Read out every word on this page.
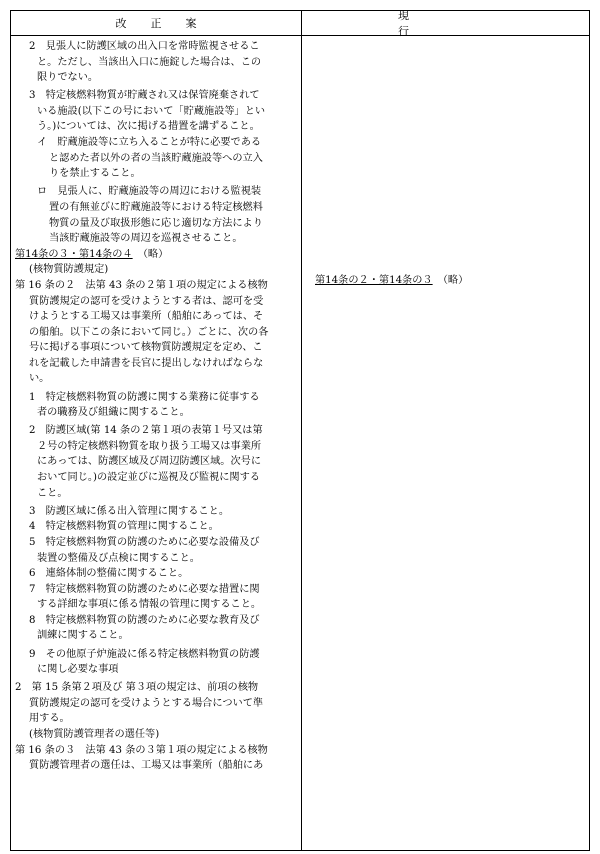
改正案
現行
2　見張人に防護区域の出入口を常時監視させるこ
と。ただし、当該出入口に施錠した場合は、この
限りでない。
3　特定核燃料物質が貯蔵され又は保管廃棄されて
いる施設(以下この号において「貯蔵施設等」とい
う。)については、次に掲げる措置を講ずること。
イ　貯蔵施設等に立ち入ることが特に必要である
と認めた者以外の者の当該貯蔵施設等への立入
りを禁止すること。
ロ　見張人に、貯蔵施設等の周辺における監視装
置の有無並びに貯蔵施設等における特定核燃料
物質の量及び取扱形態に応じ適切な方法により
当該貯蔵施設等の周辺を巡視させること。
第14条の３・第14条の４　 （略）
(核物質防護規定)
第 16 条の２　法第 43 条の２第１項の規定による核物
質防護規定の認可を受けようとする者は、認可を受
けようとする工場又は事業所（船舶にあっては、そ
の船舶。以下この条において同じ。）ごとに、次の各
号に掲げる事項について核物質防護規定を定め、こ
れを記載した申請書を長官に提出しなければならな
い。
1　特定核燃料物質の防護に関する業務に従事する
者の職務及び組織に関すること。
2　防護区域(第 14 条の２第１項の表第１号又は第
２号の特定核燃料物質を取り扱う工場又は事業所
にあっては、防護区域及び周辺防護区域。次号に
おいて同じ。)の設定並びに巡視及び監視に関する
こと。
3　防護区域に係る出入管理に関すること。
4　特定核燃料物質の管理に関すること。
5　特定核燃料物質の防護のために必要な設備及び
装置の整備及び点検に関すること。
6　連絡体制の整備に関すること。
7　特定核燃料物質の防護のために必要な措置に関
する詳細な事項に係る情報の管理に関すること。
8　特定核燃料物質の防護のために必要な教育及び
訓練に関すること。
9　その他原子炉施設に係る特定核燃料物質の防護
に関し必要な事項
2　第 15 条第２項及び 第３項の規定は、前項の核物
質防護規定の認可を受けようとする場合について準
用する。
(核物質防護管理者の選任等)
第 16 条の３　法第 43 条の３第１項の規定による核物
質防護管理者の選任は、工場又は事業所（船舶にあ
第14条の２・第14条の３　 （略）
